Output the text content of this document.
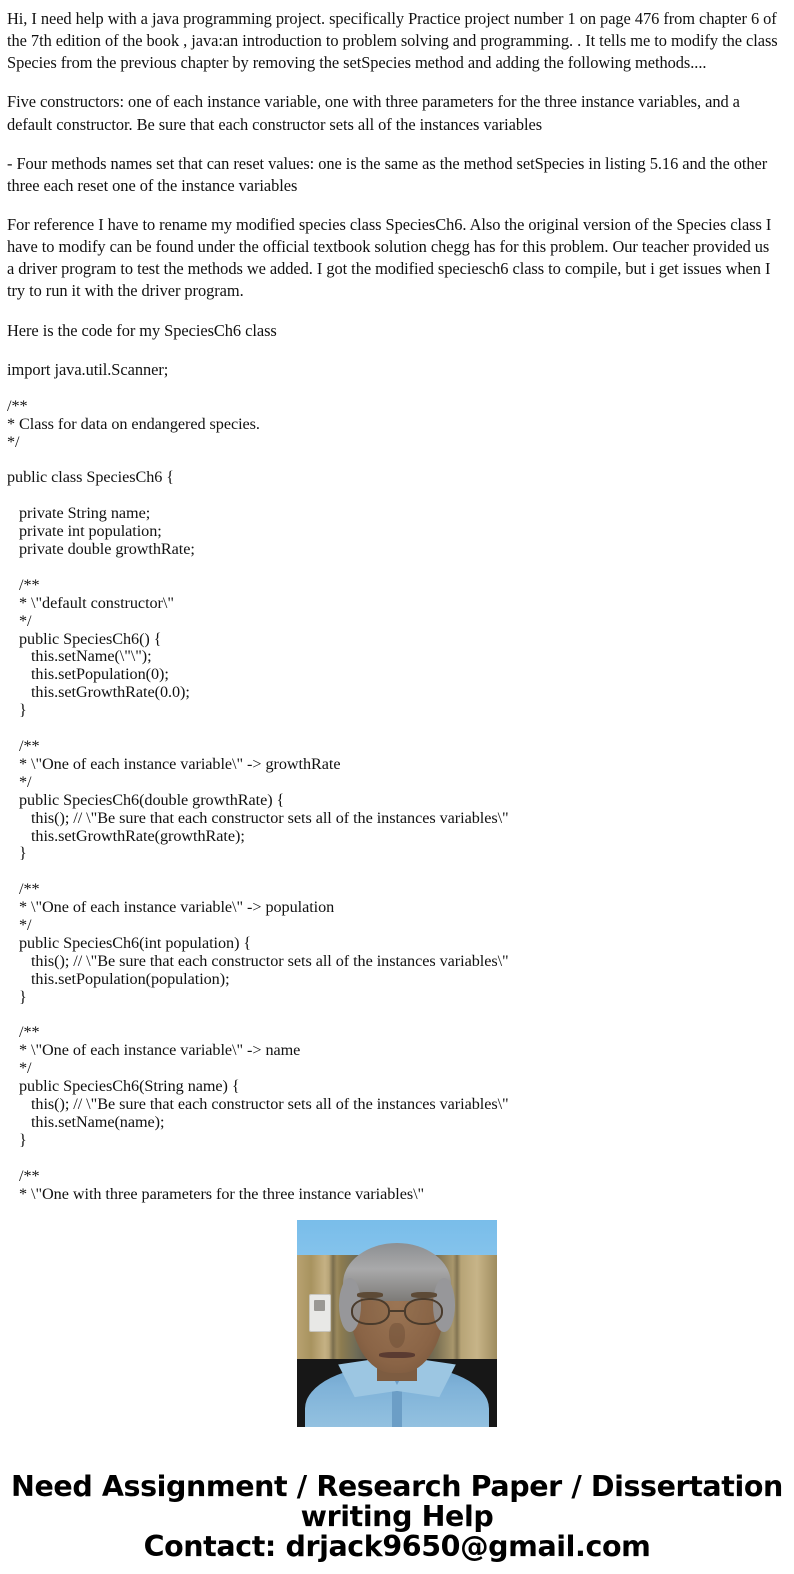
Hi, I need help with a java programming project. specifically Practice project number 1 on page 476 from chapter 6 of the 7th edition of the book , java:an introduction to problem solving and programming. . It tells me to modify the class Species from the previous chapter by removing the setSpecies method and adding the following methods....

Five constructors: one of each instance variable, one with three parameters for the three instance variables, and a default constructor. Be sure that each constructor sets all of the instances variables

- Four methods names set that can reset values: one is the same as the method setSpecies in listing 5.16 and the other three each reset one of the instance variables

For reference I have to rename my modified species class SpeciesCh6. Also the original version of the Species class I have to modify can be found under the official textbook solution chegg has for this problem. Our teacher provided us a driver program to test the methods we added. I got the modified speciesch6 class to compile, but i get issues when I try to run it with the driver program.

Here is the code for my SpeciesCh6 class

import java.util.Scanner;

/**
* Class for data on endangered species.
*/
public class SpeciesCh6 {
private String name;
private int population;
private double growthRate;
/**
* \"default constructor\"
*/
public SpeciesCh6() {
this.setName(\"\");
this.setPopulation(0);
this.setGrowthRate(0.0);
}
/**
* \"One of each instance variable\" -> growthRate
*/
public SpeciesCh6(double growthRate) {
this(); // \"Be sure that each constructor sets all of the instances variables\"
this.setGrowthRate(growthRate);
}
/**
* \"One of each instance variable\" -> population
*/
public SpeciesCh6(int population) {
this(); // \"Be sure that each constructor sets all of the instances variables\"
this.setPopulation(population);
}
/**
* \"One of each instance variable\" -> name
*/
public SpeciesCh6(String name) {
this(); // \"Be sure that each constructor sets all of the instances variables\"
this.setName(name);
}
/**
* \"One with three parameters for the three instance variables\"
Need Assignment / Research Paper / Dissertation
writing Help
Contact: drjack9650@gmail.com
